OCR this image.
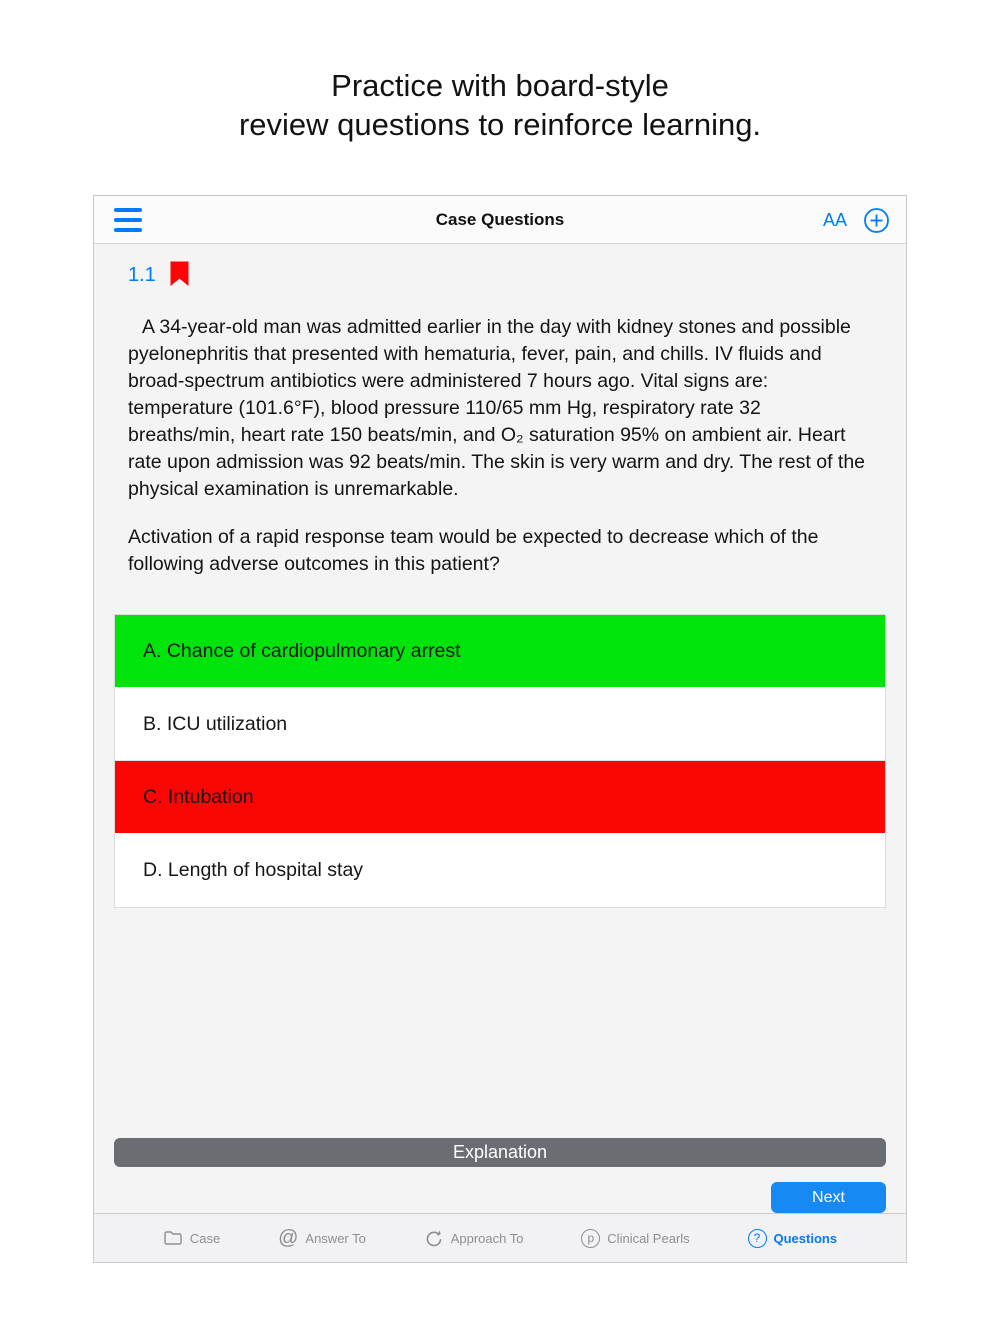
Practice with board-style
review questions to reinforce learning.
Case Questions	AA
1.1
A 34-year-old man was admitted earlier in the day with kidney stones and possible pyelonephritis that presented with hematuria, fever, pain, and chills. IV fluids and broad-spectrum antibiotics were administered 7 hours ago. Vital signs are: temperature (101.6°F), blood pressure 110/65 mm Hg, respiratory rate 32 breaths/min, heart rate 150 beats/min, and O₂ saturation 95% on ambient air. Heart rate upon admission was 92 beats/min. The skin is very warm and dry. The rest of the physical examination is unremarkable.
Activation of a rapid response team would be expected to decrease which of the following adverse outcomes in this patient?
A. Chance of cardiopulmonary arrest
B. ICU utilization
C. Intubation
D. Length of hospital stay
Explanation
Next
Case	@ Answer To	Approach To	p	Clinical Pearls	?	Questions
